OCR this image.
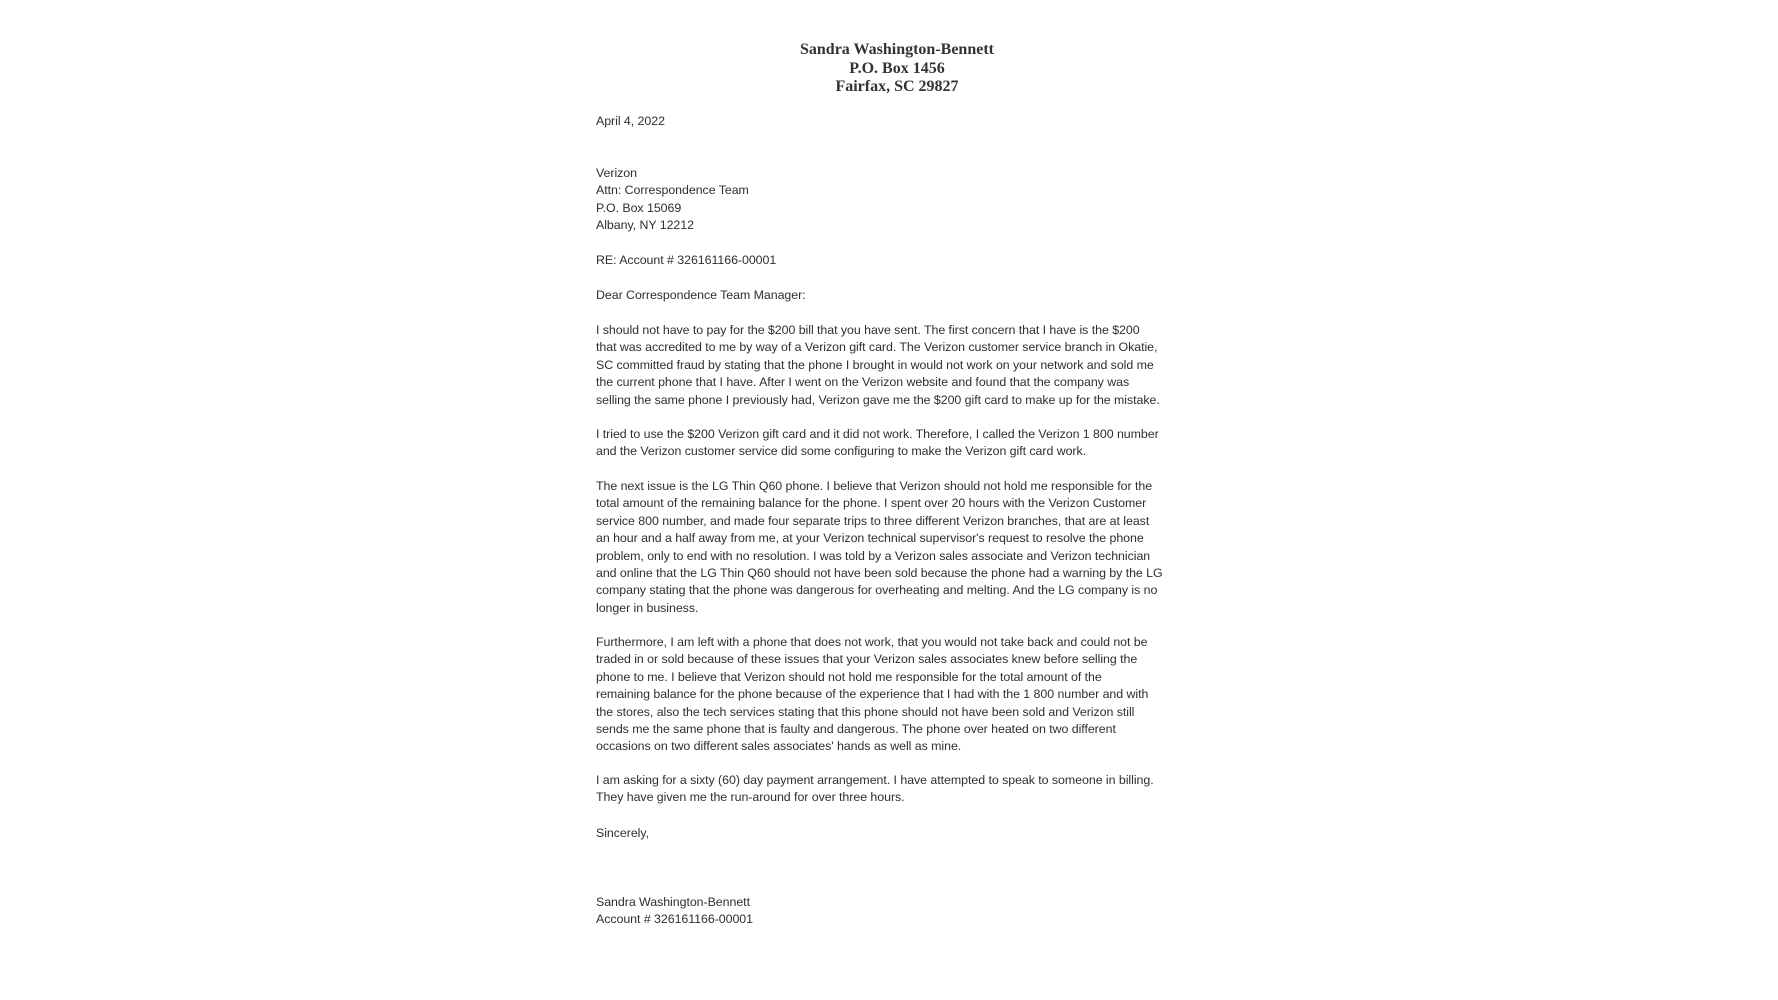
Sandra Washington-Bennett
P.O. Box 1456
Fairfax, SC 29827
April 4, 2022
Verizon
Attn: Correspondence Team
P.O. Box 15069
Albany, NY 12212
RE: Account # 326161166-00001
Dear Correspondence Team Manager:

I should not have to pay for the $200 bill that you have sent. The first concern that I have is the $200
that was accredited to me by way of a Verizon gift card. The Verizon customer service branch in Okatie,
SC committed fraud by stating that the phone I brought in would not work on your network and sold me
the current phone that I have. After I went on the Verizon website and found that the company was
selling the same phone I previously had, Verizon gave me the $200 gift card to make up for the mistake.

I tried to use the $200 Verizon gift card and it did not work. Therefore, I called the Verizon 1 800 number
and the Verizon customer service did some configuring to make the Verizon gift card work.

The next issue is the LG Thin Q60 phone. I believe that Verizon should not hold me responsible for the
total amount of the remaining balance for the phone. I spent over 20 hours with the Verizon Customer
service 800 number, and made four separate trips to three different Verizon branches, that are at least
an hour and a half away from me, at your Verizon technical supervisor's request to resolve the phone
problem, only to end with no resolution. I was told by a Verizon sales associate and Verizon technician
and online that the LG Thin Q60 should not have been sold because the phone had a warning by the LG
company stating that the phone was dangerous for overheating and melting. And the LG company is no
longer in business.

Furthermore, I am left with a phone that does not work, that you would not take back and could not be
traded in or sold because of these issues that your Verizon sales associates knew before selling the
phone to me. I believe that Verizon should not hold me responsible for the total amount of the
remaining balance for the phone because of the experience that I had with the 1 800 number and with
the stores, also the tech services stating that this phone should not have been sold and Verizon still
sends me the same phone that is faulty and dangerous. The phone over heated on two different
occasions on two different sales associates' hands as well as mine.

I am asking for a sixty (60) day payment arrangement. I have attempted to speak to someone in billing.
They have given me the run-around for over three hours.

Sincerely,
Sandra Washington-Bennett
Account # 326161166-00001
